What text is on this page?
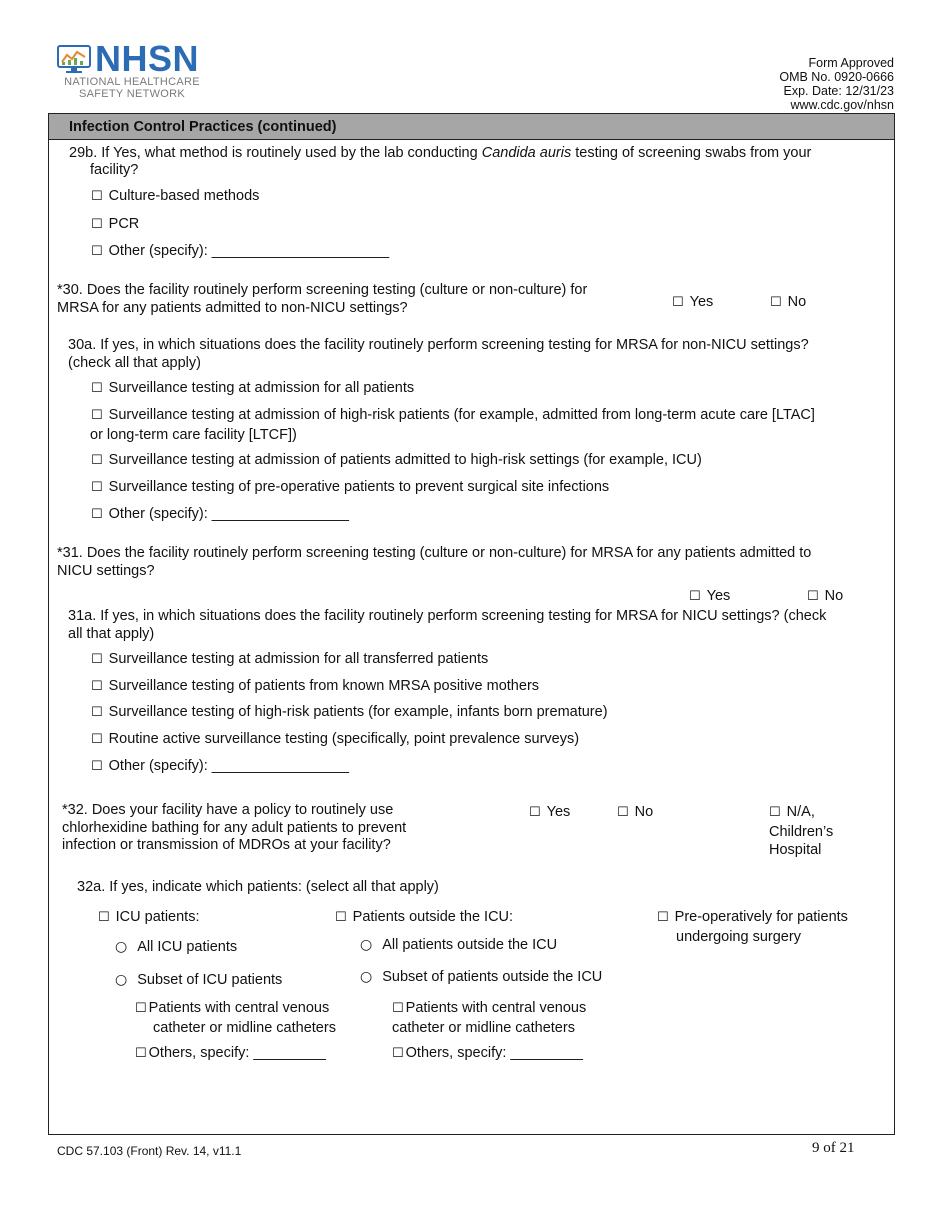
NHSN
NATIONAL HEALTHCARE
SAFETY NETWORK
Form Approved
OMB No. 0920-0666
Exp. Date: 12/31/23
www.cdc.gov/nhsn
Infection Control Practices (continued)
29b. If Yes, what method is routinely used by the lab conducting Candida auris testing of screening swabs from your
facility?
☐ Culture-based methods
☐ PCR
☐ Other (specify): ______________________
*30. Does the facility routinely perform screening testing (culture or non-culture) for
MRSA for any patients admitted to non-NICU settings?	☐ Yes	☐ No
30a. If yes, in which situations does the facility routinely perform screening testing for MRSA for non-NICU settings?
(check all that apply)
☐ Surveillance testing at admission for all patients
☐ Surveillance testing at admission of high-risk patients (for example, admitted from long-term acute care [LTAC]
or long-term care facility [LTCF])
☐ Surveillance testing at admission of patients admitted to high-risk settings (for example, ICU)
☐ Surveillance testing of pre-operative patients to prevent surgical site infections
☐ Other (specify): _________________
*31. Does the facility routinely perform screening testing (culture or non-culture) for MRSA for any patients admitted to
NICU settings?
☐ Yes	☐ No
31a. If yes, in which situations does the facility routinely perform screening testing for MRSA for NICU settings? (check
all that apply)
☐ Surveillance testing at admission for all transferred patients
☐ Surveillance testing of patients from known MRSA positive mothers
☐ Surveillance testing of high-risk patients (for example, infants born premature)
☐ Routine active surveillance testing (specifically, point prevalence surveys)
☐ Other (specify): _________________
*32. Does your facility have a policy to routinely use
chlorhexidine bathing for any adult patients to prevent
infection or transmission of MDROs at your facility?
☐ Yes	☐ No	☐ N/A,
Children’s
Hospital
32a. If yes, indicate which patients: (select all that apply)
☐ ICU patients:
○ All ICU patients
○ Subset of ICU patients
☐ Patients with central venous
catheter or midline catheters
☐ Others, specify: _________
☐ Patients outside the ICU:
○ All patients outside the ICU
○ Subset of patients outside the ICU
☐ Patients with central venous
catheter or midline catheters
☐ Others, specify: _________
☐ Pre-operatively for patients
undergoing surgery
CDC 57.103 (Front) Rev. 14, v11.1	9 of 21
